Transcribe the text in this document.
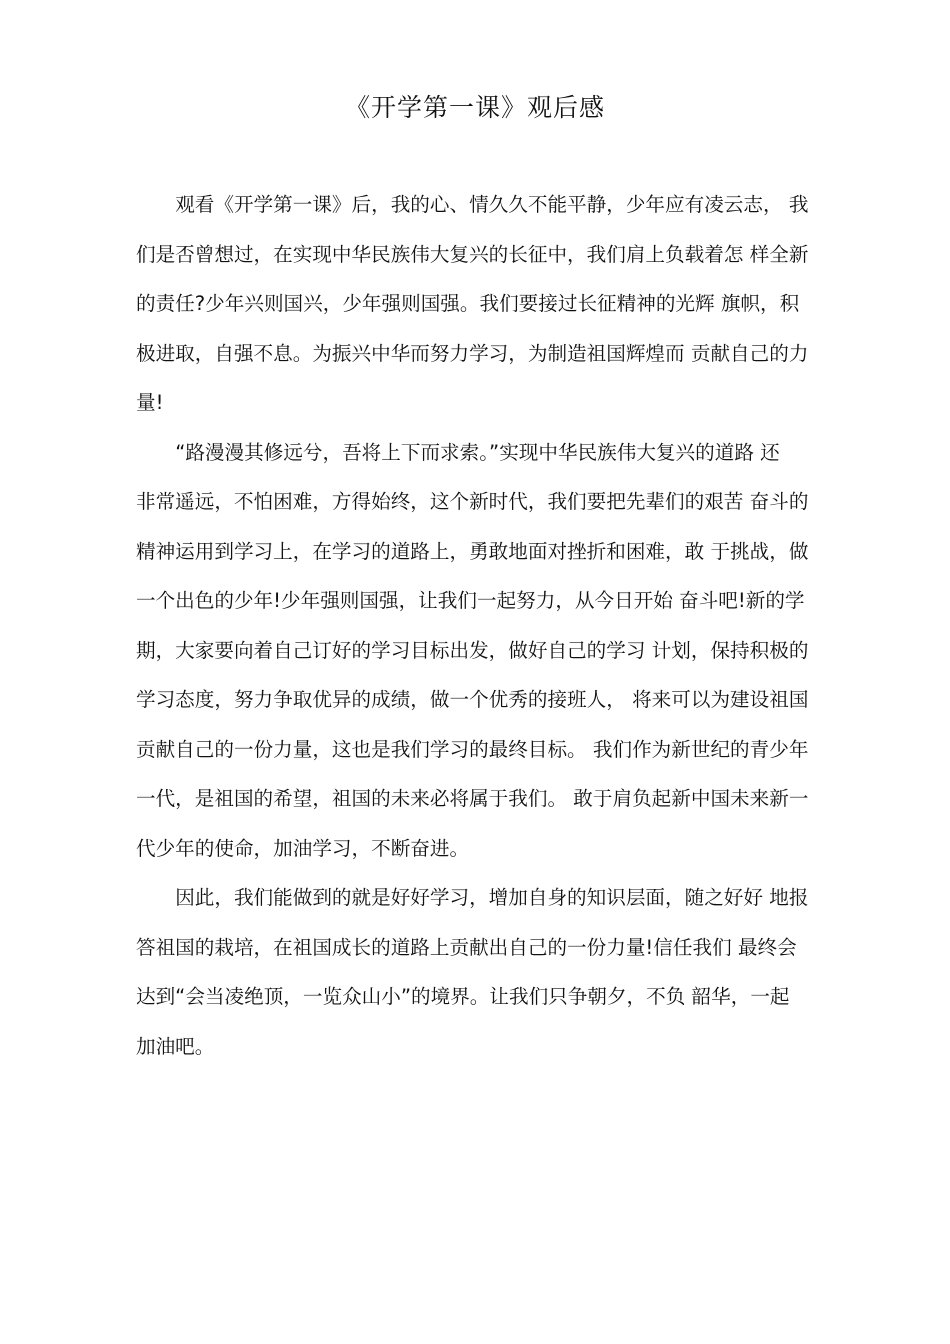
《开学第一课》观后感
观看《开学第一课》后，我的心、情久久不能平静，少年应有凌云志， 我
们是否曾想过，在实现中华民族伟大复兴的长征中，我们肩上负载着怎 样全新
的责任?少年兴则国兴，少年强则国强。我们要接过长征精神的光辉 旗帜，积
极进取，自强不息。为振兴中华而努力学习，为制造祖国辉煌而 贡献自己的力
量!
“路漫漫其修远兮，吾将上下而求索。”实现中华民族伟大复兴的道路 还
非常遥远，不怕困难，方得始终，这个新时代，我们要把先辈们的艰苦 奋斗的
精神运用到学习上，在学习的道路上，勇敢地面对挫折和困难，敢 于挑战，做
一个出色的少年!少年强则国强，让我们一起努力，从今日开始 奋斗吧!新的学
期，大家要向着自己订好的学习目标出发，做好自己的学习 计划，保持积极的
学习态度，努力争取优异的成绩，做一个优秀的接班人， 将来可以为建设祖国
贡献自己的一份力量，这也是我们学习的最终目标。 我们作为新世纪的青少年
一代，是祖国的希望，祖国的未来必将属于我们。 敢于肩负起新中国未来新一
代少年的使命，加油学习，不断奋进。
因此，我们能做到的就是好好学习，增加自身的知识层面，随之好好 地报
答祖国的栽培，在祖国成长的道路上贡献出自己的一份力量!信任我们 最终会
达到“会当凌绝顶，一览众山小”的境界。让我们只争朝夕，不负 韶华，一起
加油吧。
